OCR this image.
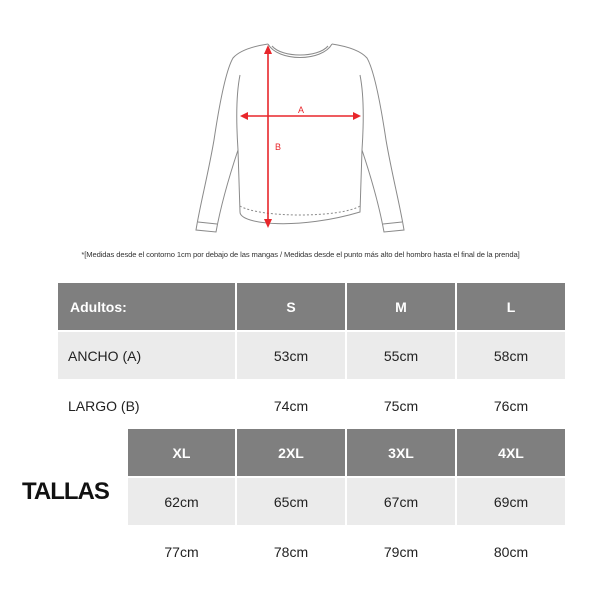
A
B
*[Medidas desde el contorno 1cm por debajo de las mangas / Medidas desde el punto más alto del hombro hasta el final de la prenda]
Adultos:	S	M	L
ANCHO (A)	53cm	55cm	58cm
LARGO (B)	74cm	75cm	76cm
XL	2XL	3XL	4XL
62cm	65cm	67cm	69cm
77cm	78cm	79cm	80cm
TALLAS
